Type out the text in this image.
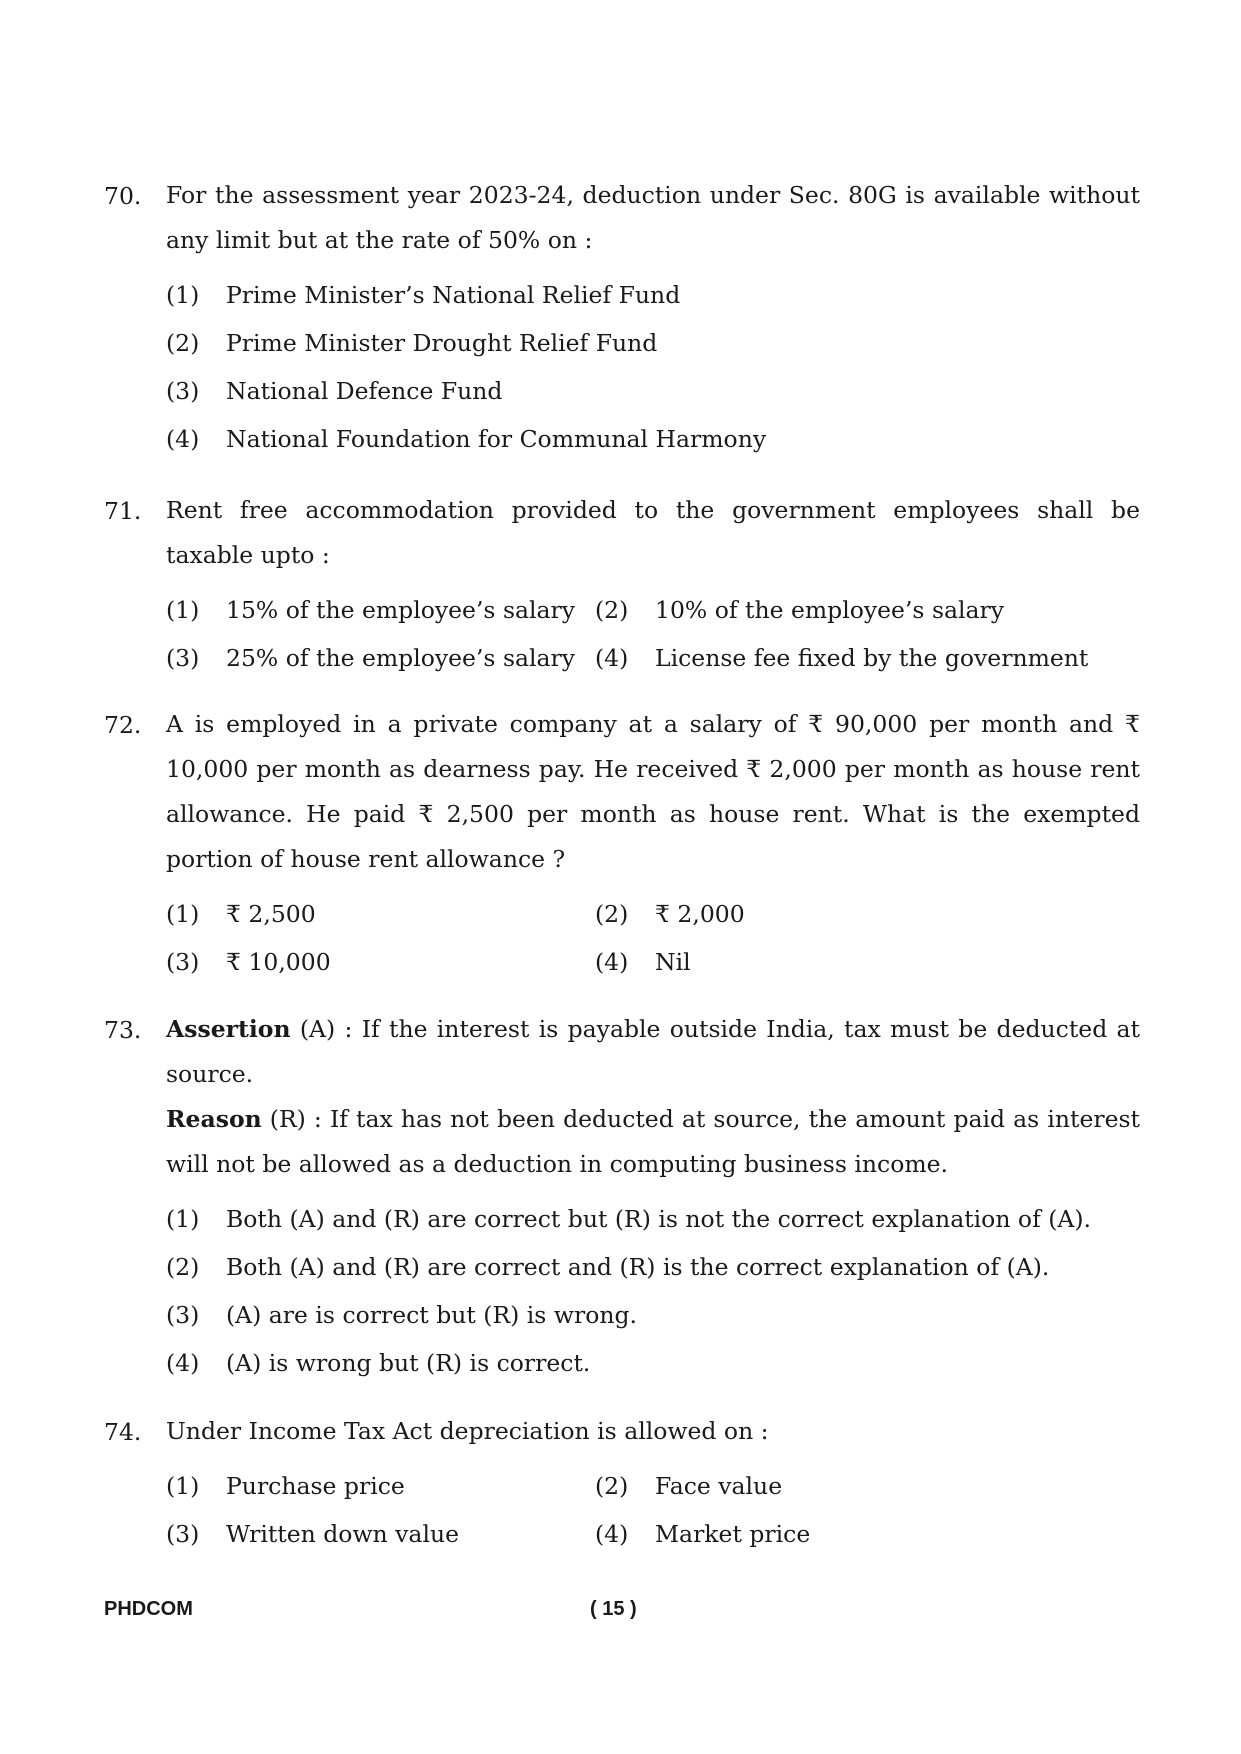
70.	For the assessment year 2023-24, deduction under Sec. 80G is available without any limit but at the rate of 50% on :
(1)	Prime Minister’s National Relief Fund
(2)	Prime Minister Drought Relief Fund
(3)	National Defence Fund
(4)	National Foundation for Communal Harmony
71.	Rent free accommodation provided to the government employees shall be taxable upto :
(1)	15% of the employee’s salary (2)	10% of the employee’s salary
(3)	25% of the employee’s salary (4)	License fee fixed by the government
72.	A is employed in a private company at a salary of ₹ 90,000 per month and ₹ 10,000 per month as dearness pay. He received ₹ 2,000 per month as house rent allowance. He paid ₹ 2,500 per month as house rent. What is the exempted portion of house rent allowance ?
(1)	₹ 2,500	(2)	₹ 2,000
(3)	₹ 10,000	(4)	Nil
73.	Assertion (A) : If the interest is payable outside India, tax must be deducted at source.

Reason (R) : If tax has not been deducted at source, the amount paid as interest will not be allowed as a deduction in computing business income.

(1)	Both (A) and (R) are correct but (R) is not the correct explanation of (A).
(2)	Both (A) and (R) are correct and (R) is the correct explanation of (A).
(3)	(A) are is correct but (R) is wrong.
(4)	(A) is wrong but (R) is correct.
74.	Under Income Tax Act depreciation is allowed on :
(1)	Purchase price	(2)	Face value
(3)	Written down value	(4)	Market price
PHDCOM	( 15 )
